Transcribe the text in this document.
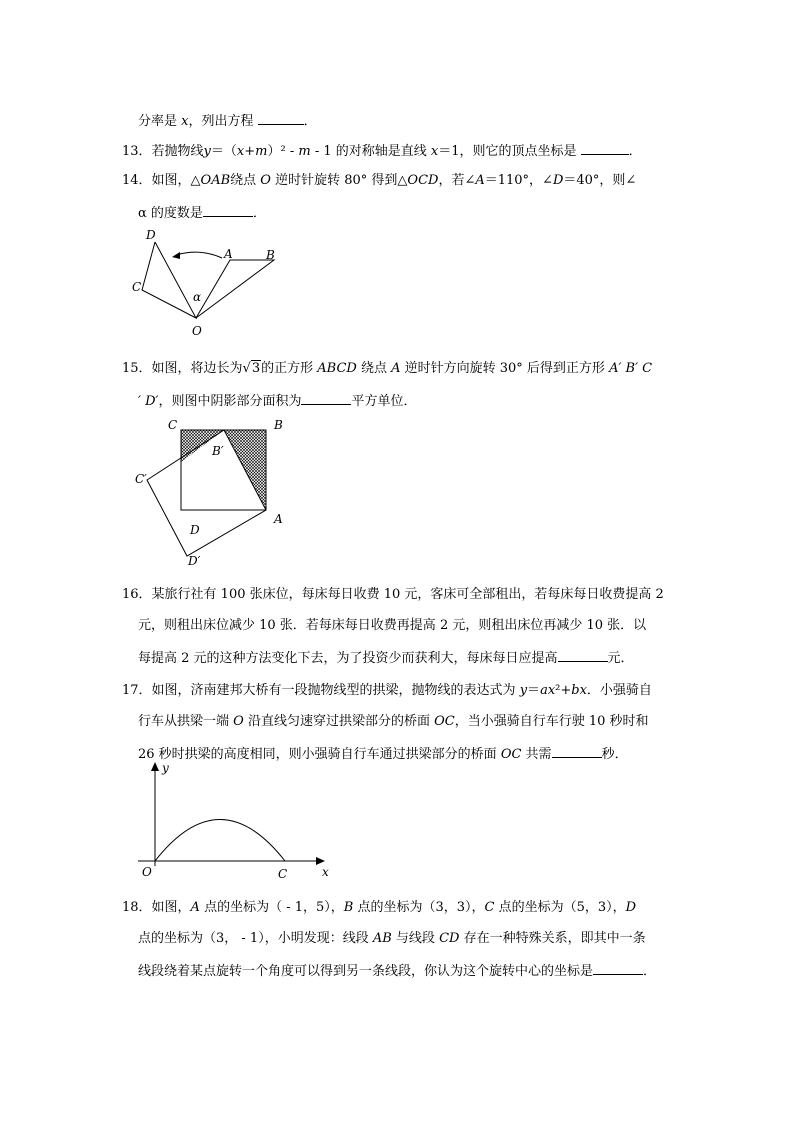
分率是 x，列出方程	．
13．若抛物线y＝（x+m）² - m - 1 的对称轴是直线 x＝1，则它的顶点坐标是	．
14．如图，△OAB绕点 O 逆时针旋转 80° 得到△OCD，若∠A＝110°，∠D＝40°，则∠
α 的度数是	．
15．如图，将边长为√3的正方形 ABCD 绕点 A 逆时针方向旋转 30° 后得到正方形 A′ B′ C
′ D′，则图中阴影部分面积为	平方单位．
16．某旅行社有 100 张床位，每床每日收费 10 元，客床可全部租出，若每床每日收费提高 2
元，则租出床位减少 10 张．若每床每日收费再提高 2 元，则租出床位再减少 10 张．以
每提高 2 元的这种方法变化下去，为了投资少而获利大，每床每日应提高	元．
17．如图，济南建邦大桥有一段抛物线型的拱梁，抛物线的表达式为 y＝ax²+bx．小强骑自
行车从拱梁一端 O 沿直线匀速穿过拱梁部分的桥面 OC，当小强骑自行车行驶 10 秒时和
26 秒时拱梁的高度相同，则小强骑自行车通过拱梁部分的桥面 OC 共需	秒．
18．如图，A 点的坐标为（ - 1，5），B 点的坐标为（3，3），C 点的坐标为（5，3），D
点的坐标为（3， - 1），小明发现：线段 AB 与线段 CD 存在一种特殊关系，即其中一条
线段绕着某点旋转一个角度可以得到另一条线段，你认为这个旋转中心的坐标是	．
D
C
A	B
α
O
C	B
B′
C′
D
A
D′
y
O	C	x
